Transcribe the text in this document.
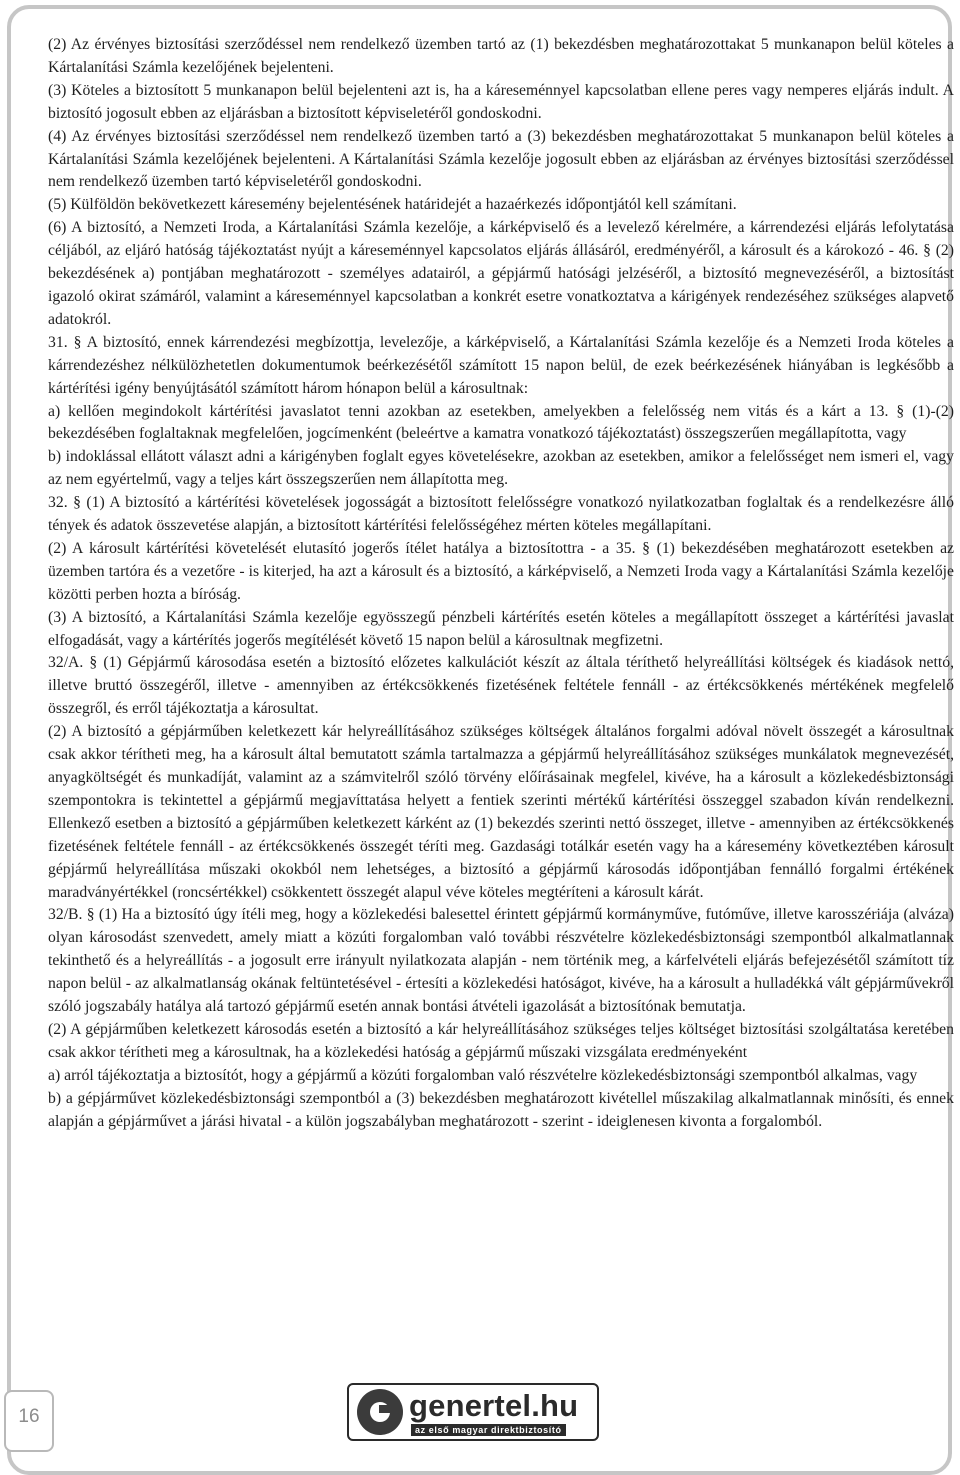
(2) Az érvényes biztosítási szerződéssel nem rendelkező üzemben tartó az (1) bekezdésben meghatározottakat 5 munkanapon belül köteles a Kártalanítási Számla kezelőjének bejelenteni.

(3) Köteles a biztosított 5 munkanapon belül bejelenteni azt is, ha a káreseménnyel kapcsolatban ellene peres vagy nemperes eljárás indult. A biztosító jogosult ebben az eljárásban a biztosított képviseletéről gondoskodni.

(4) Az érvényes biztosítási szerződéssel nem rendelkező üzemben tartó a (3) bekezdésben meghatározottakat 5 munkanapon belül köteles a Kártalanítási Számla kezelőjének bejelenteni. A Kártalanítási Számla kezelője jogosult ebben az eljárásban az érvényes biztosítási szerződéssel nem rendelkező üzemben tartó képviseletéről gondoskodni.

(5) Külföldön bekövetkezett káresemény bejelentésének határidejét a hazaérkezés időpontjától kell számítani.

(6) A biztosító, a Nemzeti Iroda, a Kártalanítási Számla kezelője, a kárképviselő és a levelező kérelmére, a kárrendezési eljárás lefolytatása céljából, az eljáró hatóság tájékoztatást nyújt a káreseménnyel kapcsolatos eljárás állásáról, eredményéről, a károsult és a károkozó - 46. § (2) bekezdésének a) pontjában meghatározott - személyes adatairól, a gépjármű hatósági jelzéséről, a biztosító megnevezéséről, a biztosítást igazoló okirat számáról, valamint a káreseménnyel kapcsolatban a konkrét esetre vonatkoztatva a kárigények rendezéséhez szükséges alapvető adatokról.

31. § A biztosító, ennek kárrendezési megbízottja, levelezője, a kárképviselő, a Kártalanítási Számla kezelője és a Nemzeti Iroda köteles a kárrendezéshez nélkülözhetetlen dokumentumok beérkezésétől számított 15 napon belül, de ezek beérkezésének hiányában is legkésőbb a kártérítési igény benyújtásától számított három hónapon belül a károsultnak:

a) kellően megindokolt kártérítési javaslatot tenni azokban az esetekben, amelyekben a felelősség nem vitás és a kárt a 13. § (1)-(2) bekezdésében foglaltaknak megfelelően, jogcímenként (beleértve a kamatra vonatkozó tájékoztatást) összegszerűen megállapította, vagy

b) indoklással ellátott választ adni a kárigényben foglalt egyes követelésekre, azokban az esetekben, amikor a felelősséget nem ismeri el, vagy az nem egyértelmű, vagy a teljes kárt összegszerűen nem állapította meg.

32. § (1) A biztosító a kártérítési követelések jogosságát a biztosított felelősségre vonatkozó nyilatkozatban foglaltak és a rendelkezésre álló tények és adatok összevetése alapján, a biztosított kártérítési felelősségéhez mérten köteles megállapítani.

(2) A károsult kártérítési követelését elutasító jogerős ítélet hatálya a biztosítottra - a 35. § (1) bekezdésében meghatározott esetekben az üzemben tartóra és a vezetőre - is kiterjed, ha azt a károsult és a biztosító, a kárképviselő, a Nemzeti Iroda vagy a Kártalanítási Számla kezelője közötti perben hozta a bíróság.

(3) A biztosító, a Kártalanítási Számla kezelője egyösszegű pénzbeli kártérítés esetén köteles a megállapított összeget a kártérítési javaslat elfogadását, vagy a kártérítés jogerős megítélését követő 15 napon belül a károsultnak megfizetni.

32/A. § (1) Gépjármű károsodása esetén a biztosító előzetes kalkulációt készít az általa téríthető helyreállítási költségek és kiadások nettó, illetve bruttó összegéről, illetve - amennyiben az értékcsökkenés fizetésének feltétele fennáll - az értékcsökkenés mértékének megfelelő összegről, és erről tájékoztatja a károsultat.

(2) A biztosító a gépjárműben keletkezett kár helyreállításához szükséges költségek általános forgalmi adóval növelt összegét a károsultnak csak akkor térítheti meg, ha a károsult által bemutatott számla tartalmazza a gépjármű helyreállításához szükséges munkálatok megnevezését, anyagköltségét és munkadíját, valamint az a számvitelről szóló törvény előírásainak megfelel, kivéve, ha a károsult a közlekedésbiztonsági szempontokra is tekintettel a gépjármű megjavíttatása helyett a fentiek szerinti mértékű kártérítési összeggel szabadon kíván rendelkezni. Ellenkező esetben a biztosító a gépjárműben keletkezett kárként az (1) bekezdés szerinti nettó összeget, illetve - amennyiben az értékcsökkenés fizetésének feltétele fennáll - az értékcsökkenés összegét téríti meg. Gazdasági totálkár esetén vagy ha a káresemény következtében károsult gépjármű helyreállítása műszaki okokból nem lehetséges, a biztosító a gépjármű károsodás időpontjában fennálló forgalmi értékének maradványértékkel (roncsértékkel) csökkentett összegét alapul véve köteles megtéríteni a károsult kárát.

32/B. § (1) Ha a biztosító úgy ítéli meg, hogy a közlekedési balesettel érintett gépjármű kormányműve, futóműve, illetve karosszériája (alváza) olyan károsodást szenvedett, amely miatt a közúti forgalomban való további részvételre közlekedésbiztonsági szempontból alkalmatlannak tekinthető és a helyreállítás - a jogosult erre irányult nyilatkozata alapján - nem történik meg, a kárfelvételi eljárás befejezésétől számított tíz napon belül - az alkalmatlanság okának feltüntetésével - értesíti a közlekedési hatóságot, kivéve, ha a károsult a hulladékká vált gépjárművekről szóló jogszabály hatálya alá tartozó gépjármű esetén annak bontási átvételi igazolását a biztosítónak bemutatja.

(2) A gépjárműben keletkezett károsodás esetén a biztosító a kár helyreállításához szükséges teljes költséget biztosítási szolgáltatása keretében csak akkor térítheti meg a károsultnak, ha a közlekedési hatóság a gépjármű műszaki vizsgálata eredményeként

a) arról tájékoztatja a biztosítót, hogy a gépjármű a közúti forgalomban való részvételre közlekedésbiztonsági szempontból alkalmas, vagy

b) a gépjárművet közlekedésbiztonsági szempontból a (3) bekezdésben meghatározott kivétellel műszakilag alkalmatlannak minősíti, és ennek alapján a gépjárművet a járási hivatal - a külön jogszabályban meghatározott - szerint - ideiglenesen kivonta a forgalomból.

16	genertel.hu
az első magyar direktbiztosító
